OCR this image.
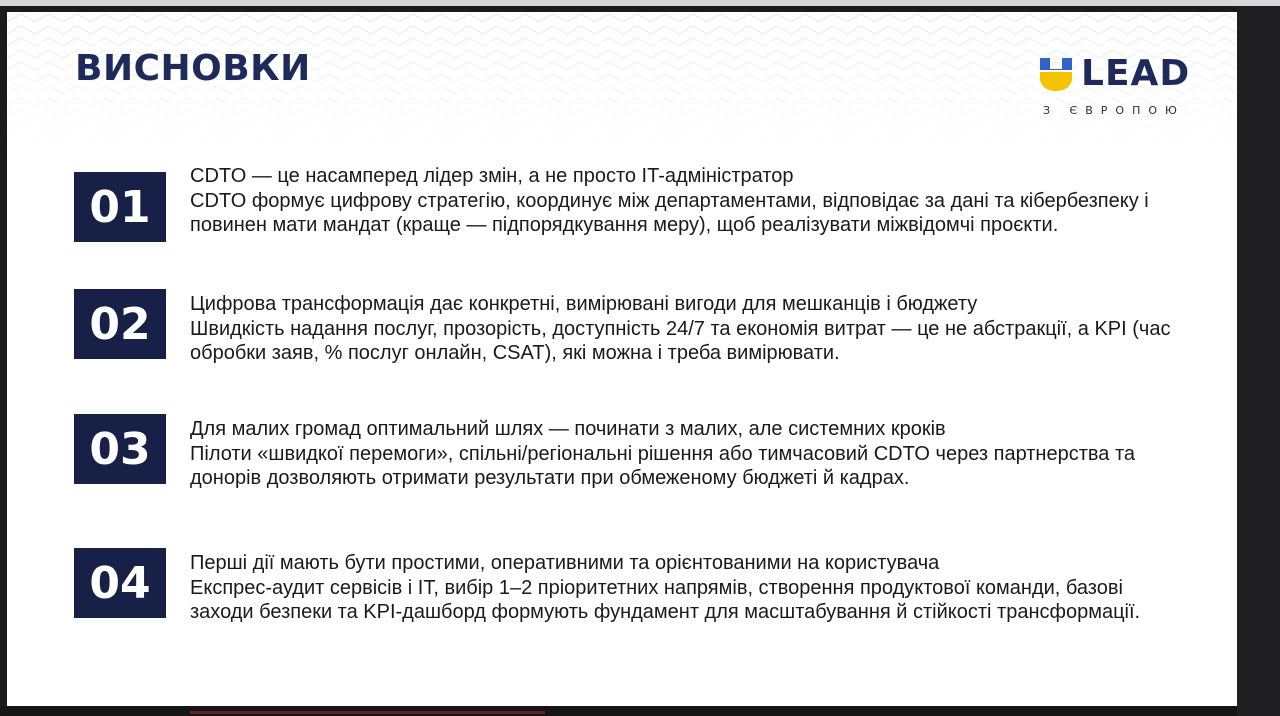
ВИСНОВКИ	LEAD
З ЄВРОПОЮ
01
CDTO — це насамперед лідер змін, а не просто IT-адміністратор
CDTO формує цифрову стратегію, координує між департаментами, відповідає за дані та кібербезпеку і повинен мати мандат (краще — підпорядкування меру), щоб реалізувати міжвідомчі проєкти.
02	Цифрова трансформація дає конкретні, вимірювані вигоди для мешканців і бюджету
Швидкість надання послуг, прозорість, доступність 24/7 та економія витрат — це не абстракції, а KPI (час обробки заяв, % послуг онлайн, CSAT), які можна і треба вимірювати.
03	Для малих громад оптимальний шлях — починати з малих, але системних кроків
Пілоти «швидкої перемоги», спільні/регіональні рішення або тимчасовий CDTO через партнерства та донорів дозволяють отримати результати при обмеженому бюджеті й кадрах.
04	Перші дії мають бути простими, оперативними та орієнтованими на користувача
Експрес-аудит сервісів і IT, вибір 1–2 пріоритетних напрямів, створення продуктової команди, базові заходи безпеки та KPI-дашборд формують фундамент для масштабування й стійкості трансформації.
